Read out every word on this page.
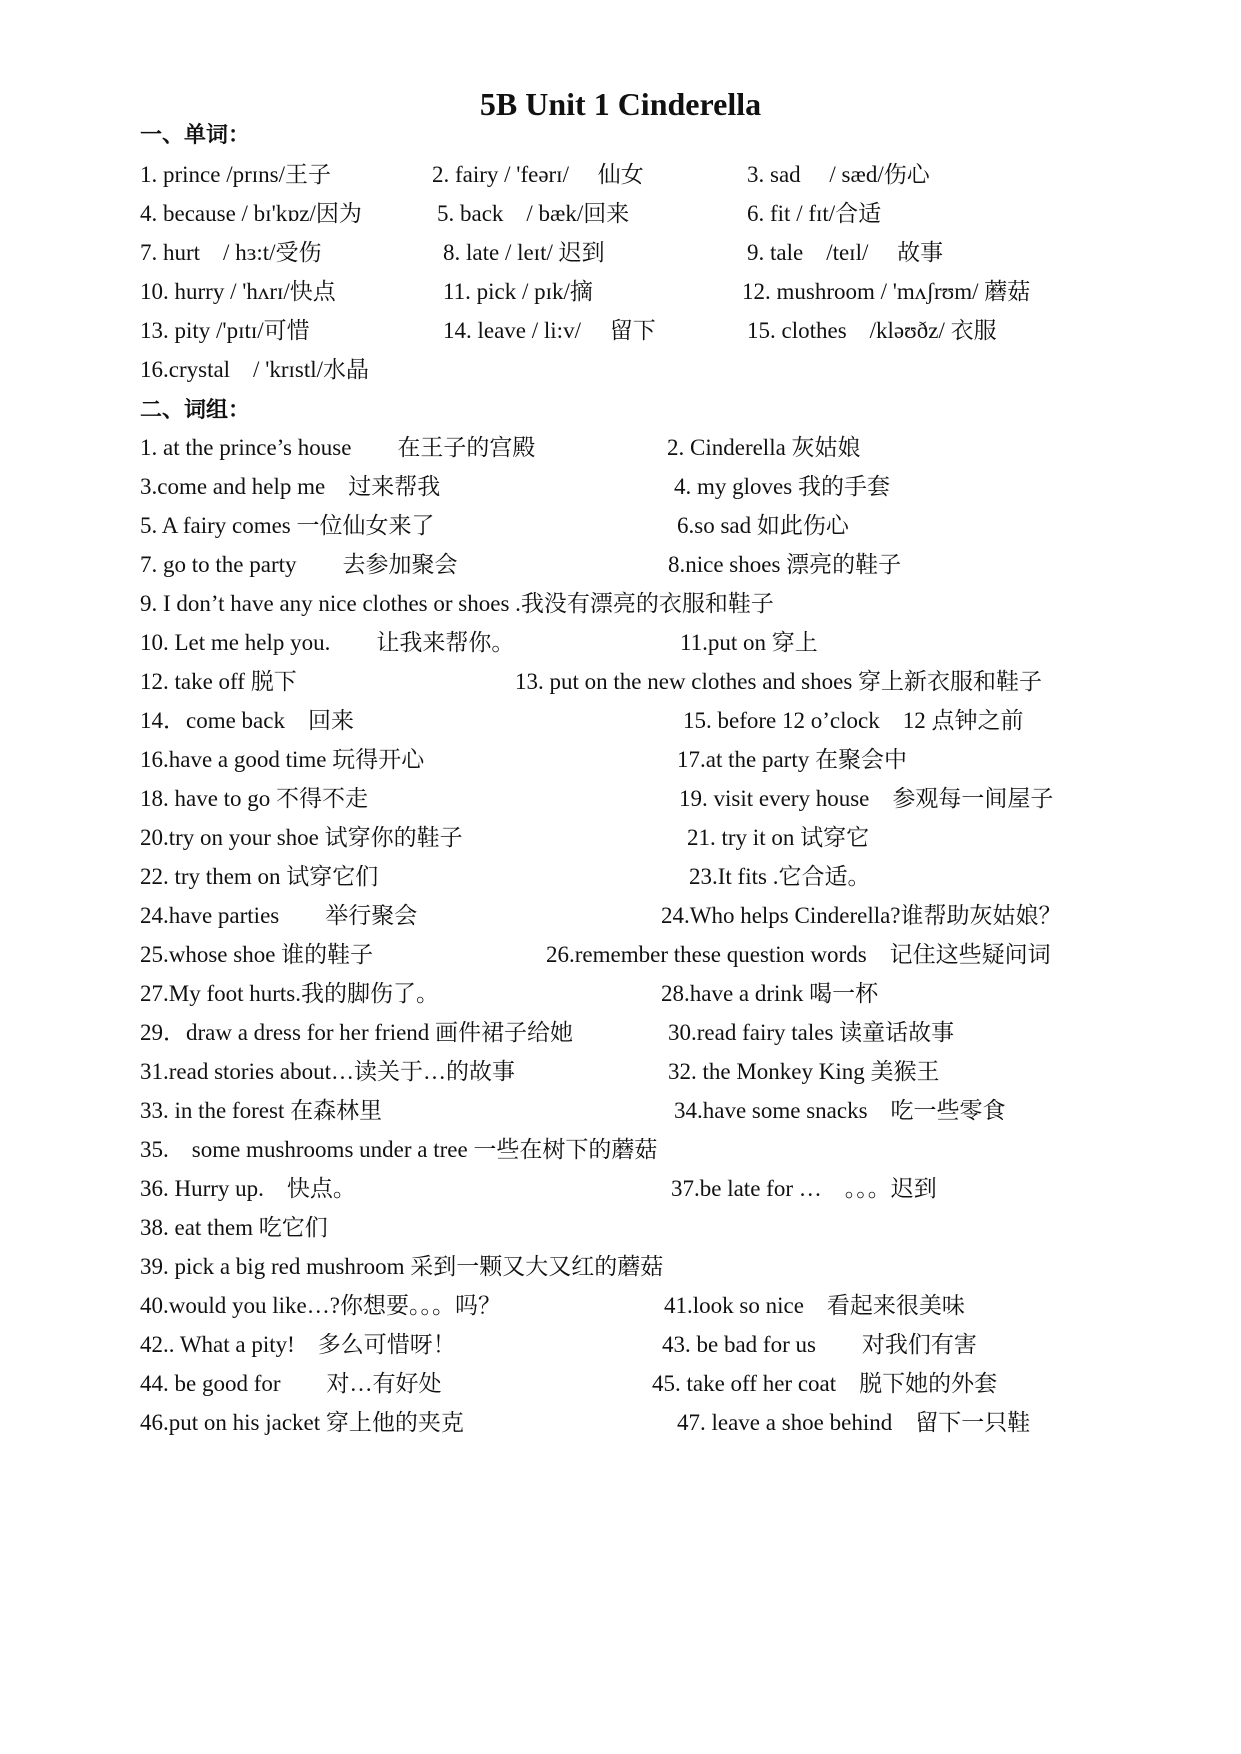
5B Unit 1 Cinderella
一、单词：
1. prince /prɪns/王子	2. fairy / 'feərɪ/　 仙女	3. sad　 / sæd/伤心
4. because / bɪ'kɒz/因为	5. back　/ bæk/回来	6. fit / fɪt/合适
7. hurt　/ hɜ:t/受伤	8. late / leɪt/ 迟到	9. tale　/teɪl/　 故事
10. hurry / 'hʌrɪ/快点	11. pick / pɪk/摘	12. mushroom / 'mʌʃrʊm/ 蘑菇
13. pity /'pɪtɪ/可惜	14. leave / li:v/　 留下	15. clothes　/kləʊðz/ 衣服
16.crystal　/ 'krɪstl/水晶
二、词组：
1. at the prince’s house　　在王子的宫殿	2. Cinderella 灰姑娘
3.come and help me　过来帮我	4. my gloves 我的手套
5. A fairy comes 一位仙女来了	6.so sad 如此伤心
7. go to the party　　去参加聚会	8.nice shoes 漂亮的鞋子
9. I don’t have any nice clothes or shoes .我没有漂亮的衣服和鞋子
10. Let me help you.　　让我来帮你。	11.put on 穿上
12. take off 脱下	13. put on the new clothes and shoes 穿上新衣服和鞋子
14．come back　回来	15. before 12 o’clock　12 点钟之前
16.have a good time 玩得开心	17.at the party 在聚会中
18. have to go 不得不走	19. visit every house　参观每一间屋子
20.try on your shoe 试穿你的鞋子	21. try it on 试穿它
22. try them on 试穿它们	23.It fits .它合适。
24.have parties　　举行聚会	24.Who helps Cinderella?谁帮助灰姑娘？
25.whose shoe 谁的鞋子	26.remember these question words　记住这些疑问词
27.My foot hurts.我的脚伤了。	28.have a drink 喝一杯
29．draw a dress for her friend 画件裙子给她	30.read fairy tales 读童话故事
31.read stories about…读关于…的故事	32. the Monkey King 美猴王
33. in the forest 在森林里	34.have some snacks　吃一些零食
35.　some mushrooms under a tree 一些在树下的蘑菇
36. Hurry up.　快点。	37.be late for …　。。。迟到
38. eat them 吃它们
39. pick a big red mushroom 采到一颗又大又红的蘑菇
40.would you like…?你想要。。。吗？	41.look so nice　看起来很美味
42.. What a pity!　多么可惜呀！	43. be bad for us　　对我们有害
44. be good for　　对…有好处	45. take off her coat　脱下她的外套
46.put on his jacket 穿上他的夹克	47. leave a shoe behind　留下一只鞋
